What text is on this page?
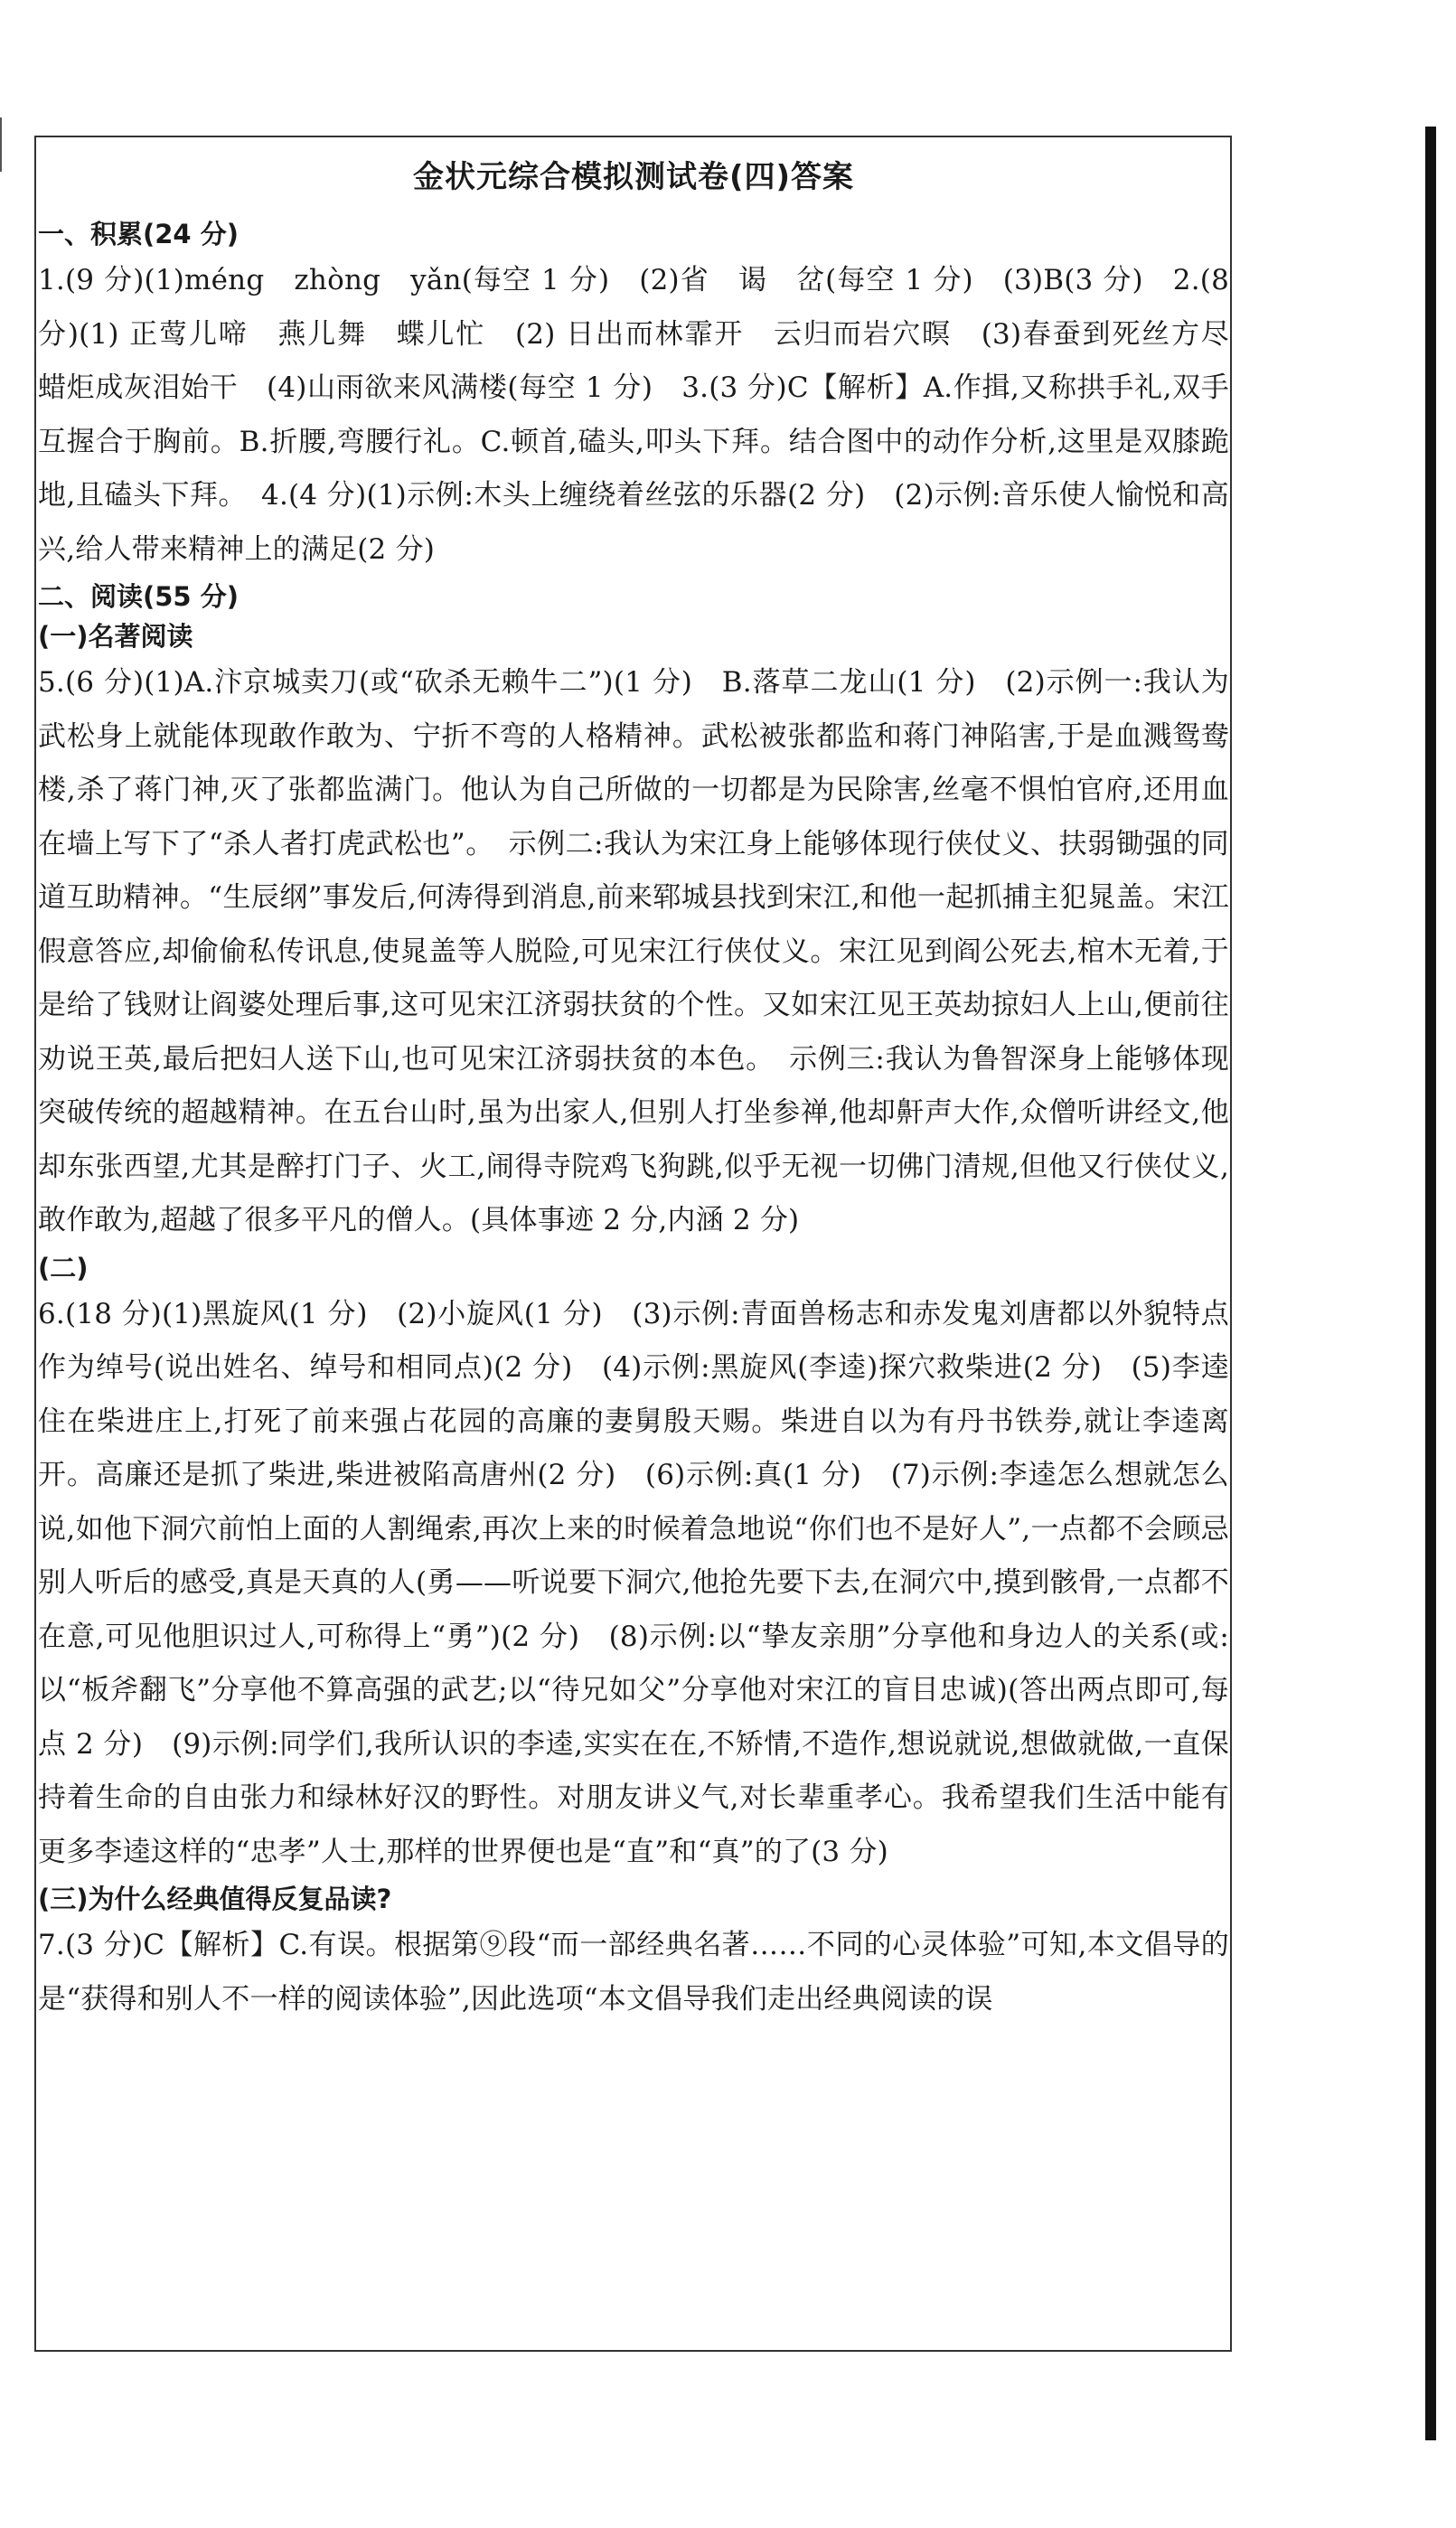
金状元综合模拟测试卷(四)答案
一、积累(24 分)

1.(9 分)(1)méng　zhòng　yǎn(每空 1 分)　(2)省　谒　岔(每空 1 分)　(3)B(3 分)　2.(8 分)(1) 正莺儿啼　燕儿舞　蝶儿忙　(2) 日出而林霏开　云归而岩穴暝　(3)春蚕到死丝方尽　蜡炬成灰泪始干　(4)山雨欲来风满楼(每空 1 分)　3.(3 分)C【解析】A.作揖,又称拱手礼,双手互握合于胸前。B.折腰,弯腰行礼。C.顿首,磕头,叩头下拜。结合图中的动作分析,这里是双膝跪地,且磕头下拜。　4.(4 分)(1)示例:木头上缠绕着丝弦的乐器(2 分)　(2)示例:音乐使人愉悦和高兴,给人带来精神上的满足(2 分)

二、阅读(55 分)
(一)名著阅读

5.(6 分)(1)A.汴京城卖刀(或“砍杀无赖牛二”)(1 分)　B.落草二龙山(1 分)　(2)示例一:我认为武松身上就能体现敢作敢为、宁折不弯的人格精神。武松被张都监和蒋门神陷害,于是血溅鸳鸯楼,杀了蒋门神,灭了张都监满门。他认为自己所做的一切都是为民除害,丝毫不惧怕官府,还用血在墙上写下了“杀人者打虎武松也”。　示例二:我认为宋江身上能够体现行侠仗义、扶弱锄强的同道互助精神。“生辰纲”事发后,何涛得到消息,前来郓城县找到宋江,和他一起抓捕主犯晁盖。宋江假意答应,却偷偷私传讯息,使晁盖等人脱险,可见宋江行侠仗义。宋江见到阎公死去,棺木无着,于是给了钱财让阎婆处理后事,这可见宋江济弱扶贫的个性。又如宋江见王英劫掠妇人上山,便前往劝说王英,最后把妇人送下山,也可见宋江济弱扶贫的本色。　示例三:我认为鲁智深身上能够体现突破传统的超越精神。在五台山时,虽为出家人,但别人打坐参禅,他却鼾声大作,众僧听讲经文,他却东张西望,尤其是醉打门子、火工,闹得寺院鸡飞狗跳,似乎无视一切佛门清规,但他又行侠仗义,敢作敢为,超越了很多平凡的僧人。(具体事迹 2 分,内涵 2 分)

(二)

6.(18 分)(1)黑旋风(1 分)　(2)小旋风(1 分)　(3)示例:青面兽杨志和赤发鬼刘唐都以外貌特点作为绰号(说出姓名、绰号和相同点)(2 分)　(4)示例:黑旋风(李逵)探穴救柴进(2 分)　(5)李逵住在柴进庄上,打死了前来强占花园的高廉的妻舅殷天赐。柴进自以为有丹书铁券,就让李逵离开。高廉还是抓了柴进,柴进被陷高唐州(2 分)　(6)示例:真(1 分)　(7)示例:李逵怎么想就怎么说,如他下洞穴前怕上面的人割绳索,再次上来的时候着急地说“你们也不是好人”,一点都不会顾忌别人听后的感受,真是天真的人(勇——听说要下洞穴,他抢先要下去,在洞穴中,摸到骸骨,一点都不在意,可见他胆识过人,可称得上“勇”)(2 分)　(8)示例:以“挚友亲朋”分享他和身边人的关系(或:以“板斧翻飞”分享他不算高强的武艺;以“待兄如父”分享他对宋江的盲目忠诚)(答出两点即可,每点 2 分)　(9)示例:同学们,我所认识的李逵,实实在在,不矫情,不造作,想说就说,想做就做,一直保持着生命的自由张力和绿林好汉的野性。对朋友讲义气,对长辈重孝心。我希望我们生活中能有更多李逵这样的“忠孝”人士,那样的世界便也是“直”和“真”的了(3 分)

(三)为什么经典值得反复品读?

7.(3 分)C【解析】C.有误。根据第⑨段“而一部经典名著……不同的心灵体验”可知,本文倡导的是“获得和别人不一样的阅读体验”,因此选项“本文倡导我们走出经典阅读的误
